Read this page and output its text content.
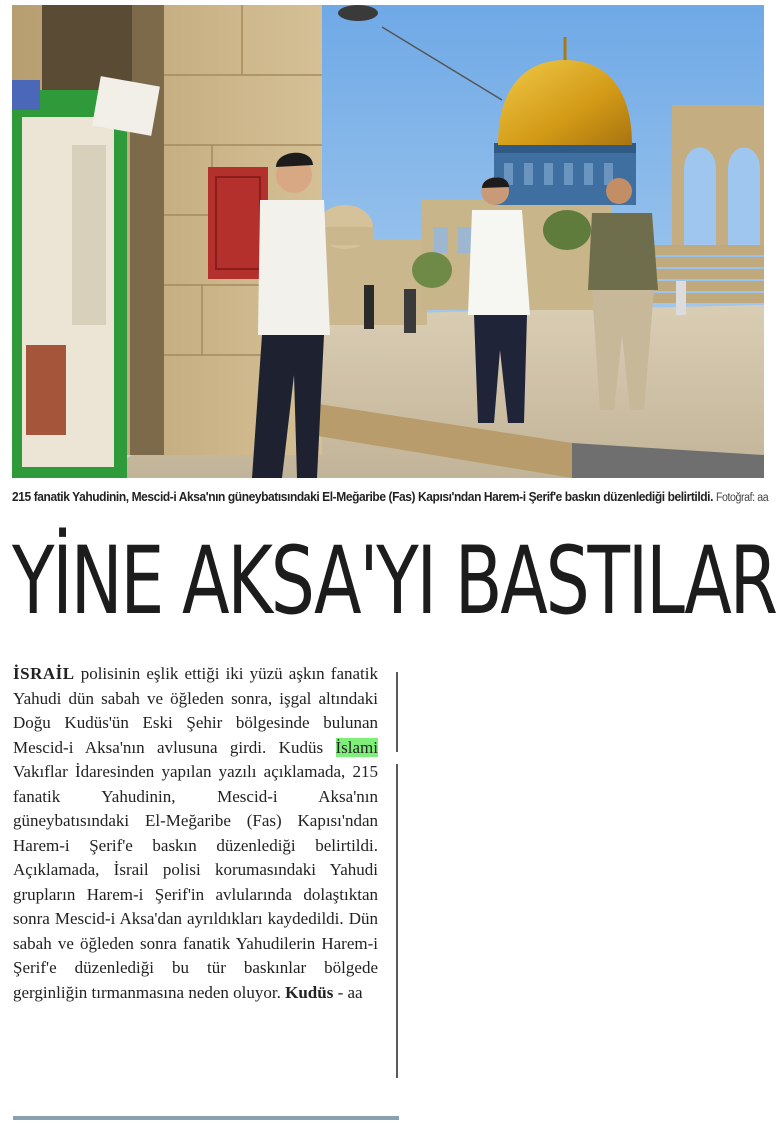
215 fanatik Yahudinin, Mescid-i Aksa'nın güneybatısındaki El-Meğaribe (Fas) Kapısı'ndan Harem-i Şerif'e baskın düzenlediği belirtildi. Fotoğraf: aa
YİNE AKSA'YI BASTILAR

İSRAİL polisinin eşlik ettiği iki yüzü aşkın fanatik Yahudi dün sabah ve öğleden sonra, işgal altındaki Doğu Kudüs'ün Eski Şehir bölgesinde bulunan Mescid-i Aksa'nın avlusuna girdi. Kudüs İslami Vakıflar İdaresinden yapılan yazılı açıklamada, 215 fanatik Yahudinin, Mescid-i Aksa'nın güneybatısındaki El-Meğaribe (Fas) Kapısı'ndan Harem-i Şerif'e baskın düzenlediği belirtildi. Açıklamada, İsrail polisi korumasındaki Yahudi grupların Harem-i Şerif'in avlularında dolaştıktan sonra Mescid-i Aksa'dan ayrıldıkları kaydedildi. Dün sabah ve öğleden sonra fanatik Yahudilerin Harem-i Şerif'e düzenlediği bu tür baskınlar bölgede gerginliğin tırmanmasına neden oluyor. Kudüs - aa
